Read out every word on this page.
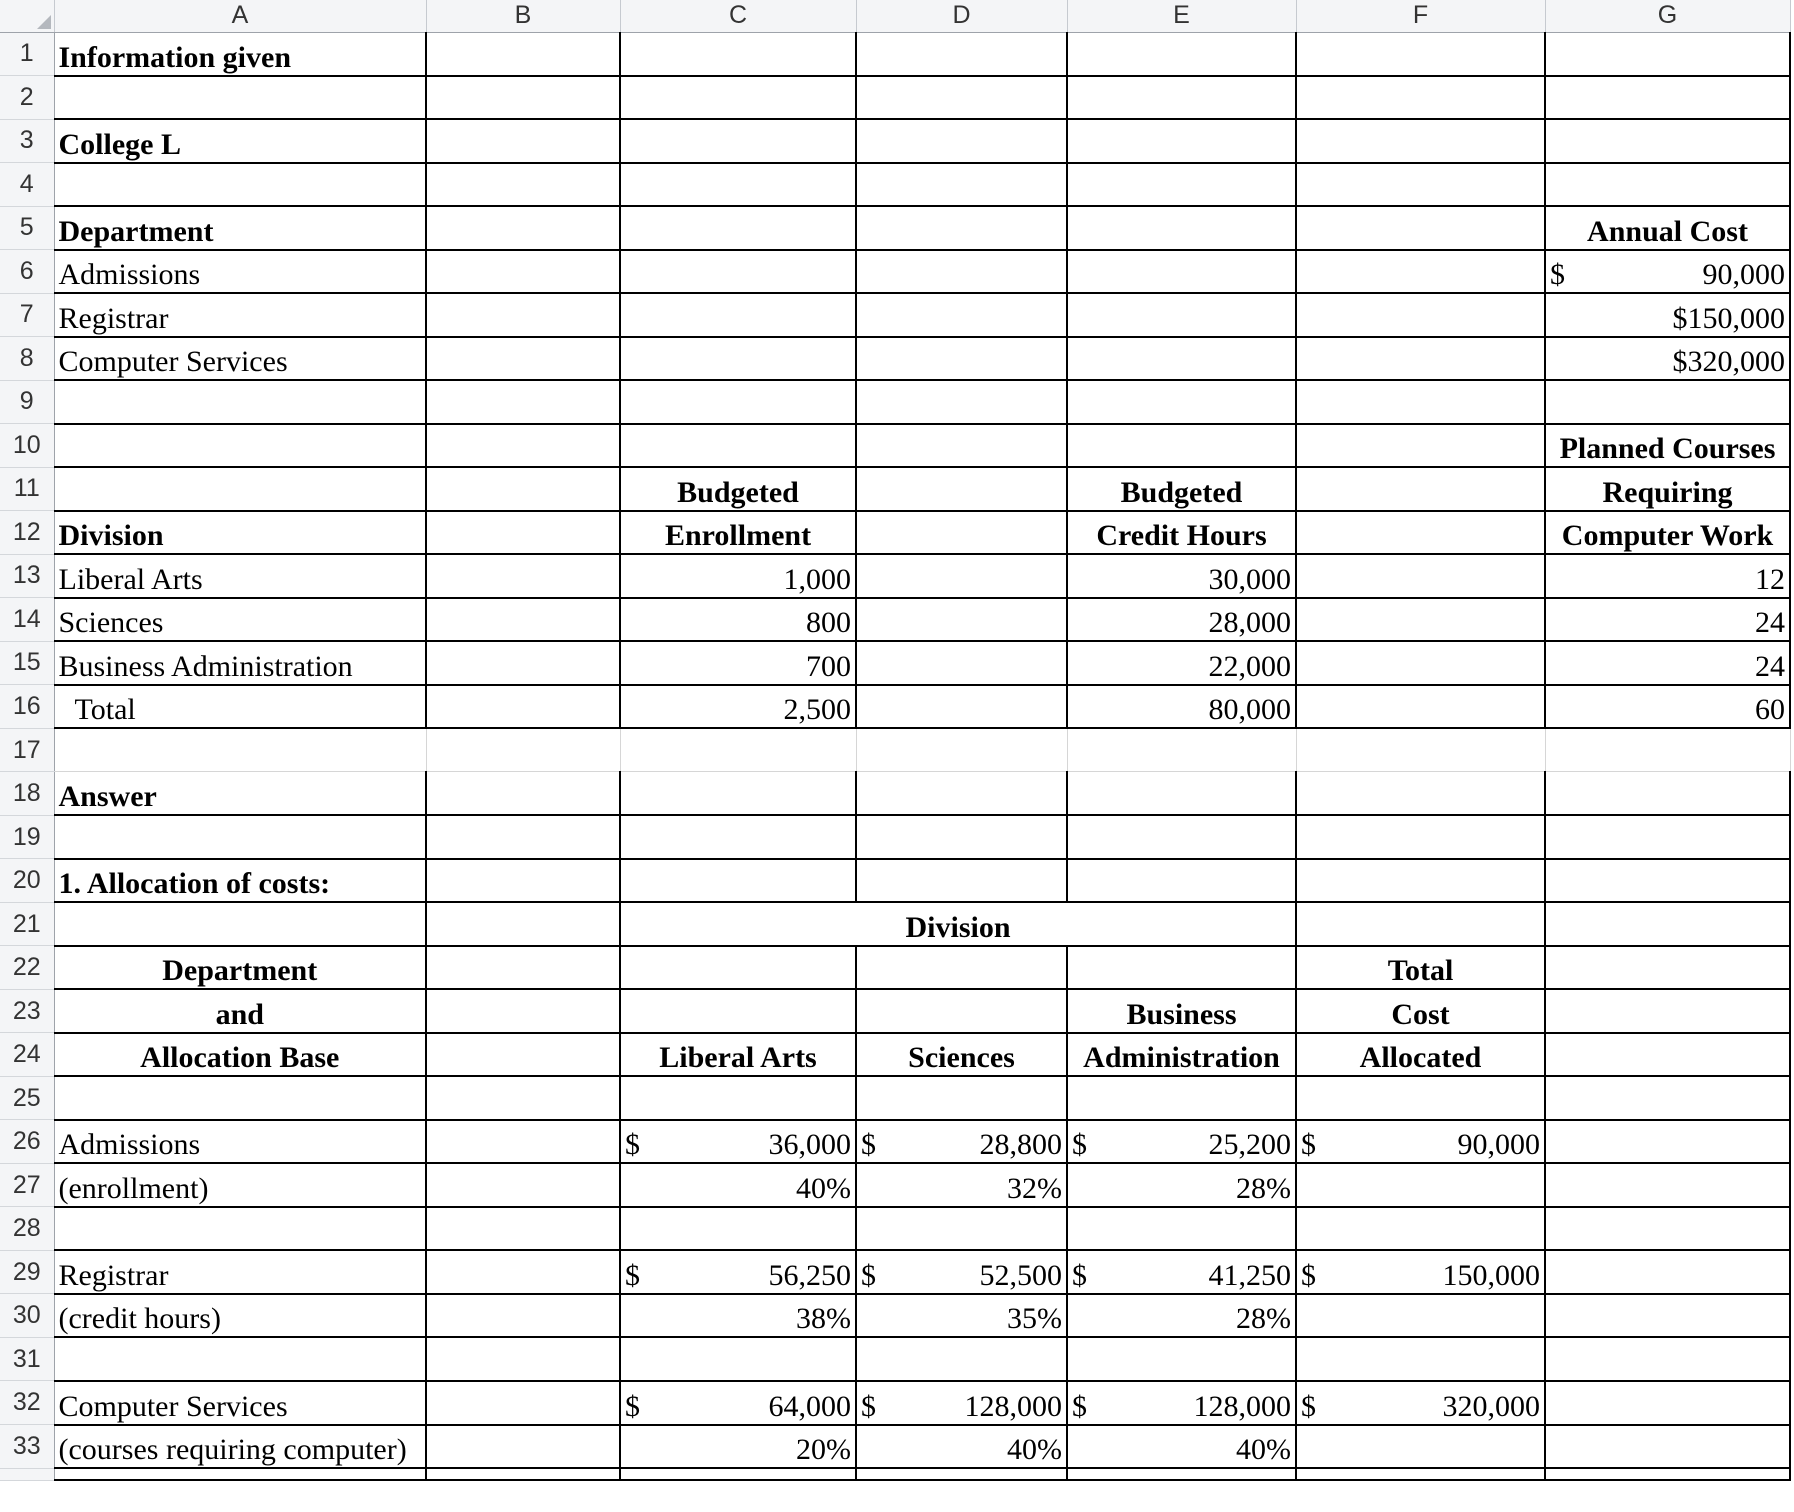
	A	B	C	D	E	F	G
1	Information given						
2							
3	College L						
4							
5	Department						Annual Cost
6	Admissions						$ 90,000

7	Registrar						$150,000
8	Computer Services						$320,000
9							
10							Planned Courses
11			Budgeted		Budgeted		Requiring
12	Division		Enrollment		Credit Hours		Computer Work
13	Liberal Arts		1,000		30,000		12
14	Sciences		800		28,000		24
15	Business Administration		700		22,000		24
16	Total		2,500		80,000		60
17							
18	Answer						
19							
20	1. Allocation of costs:						
21			Division				
22	Department					Total	
23	and				Business	Cost	
24	Allocation Base		Liberal Arts	Sciences	Administration	Allocated	
25							
26	Admissions		$ 36,000	$ 28,800	$ 25,200	$ 90,000	

27	(enrollment)		40%	32%	28%		
28							
29	Registrar		$ 56,250	$ 52,500	$ 41,250	$ 150,000	

30	(credit hours)		38%	35%	28%		
31							
32	Computer Services		$ 64,000	$ 128,000	$ 128,000	$ 320,000	

33	(courses requiring computer)		20%	40%	40%		
